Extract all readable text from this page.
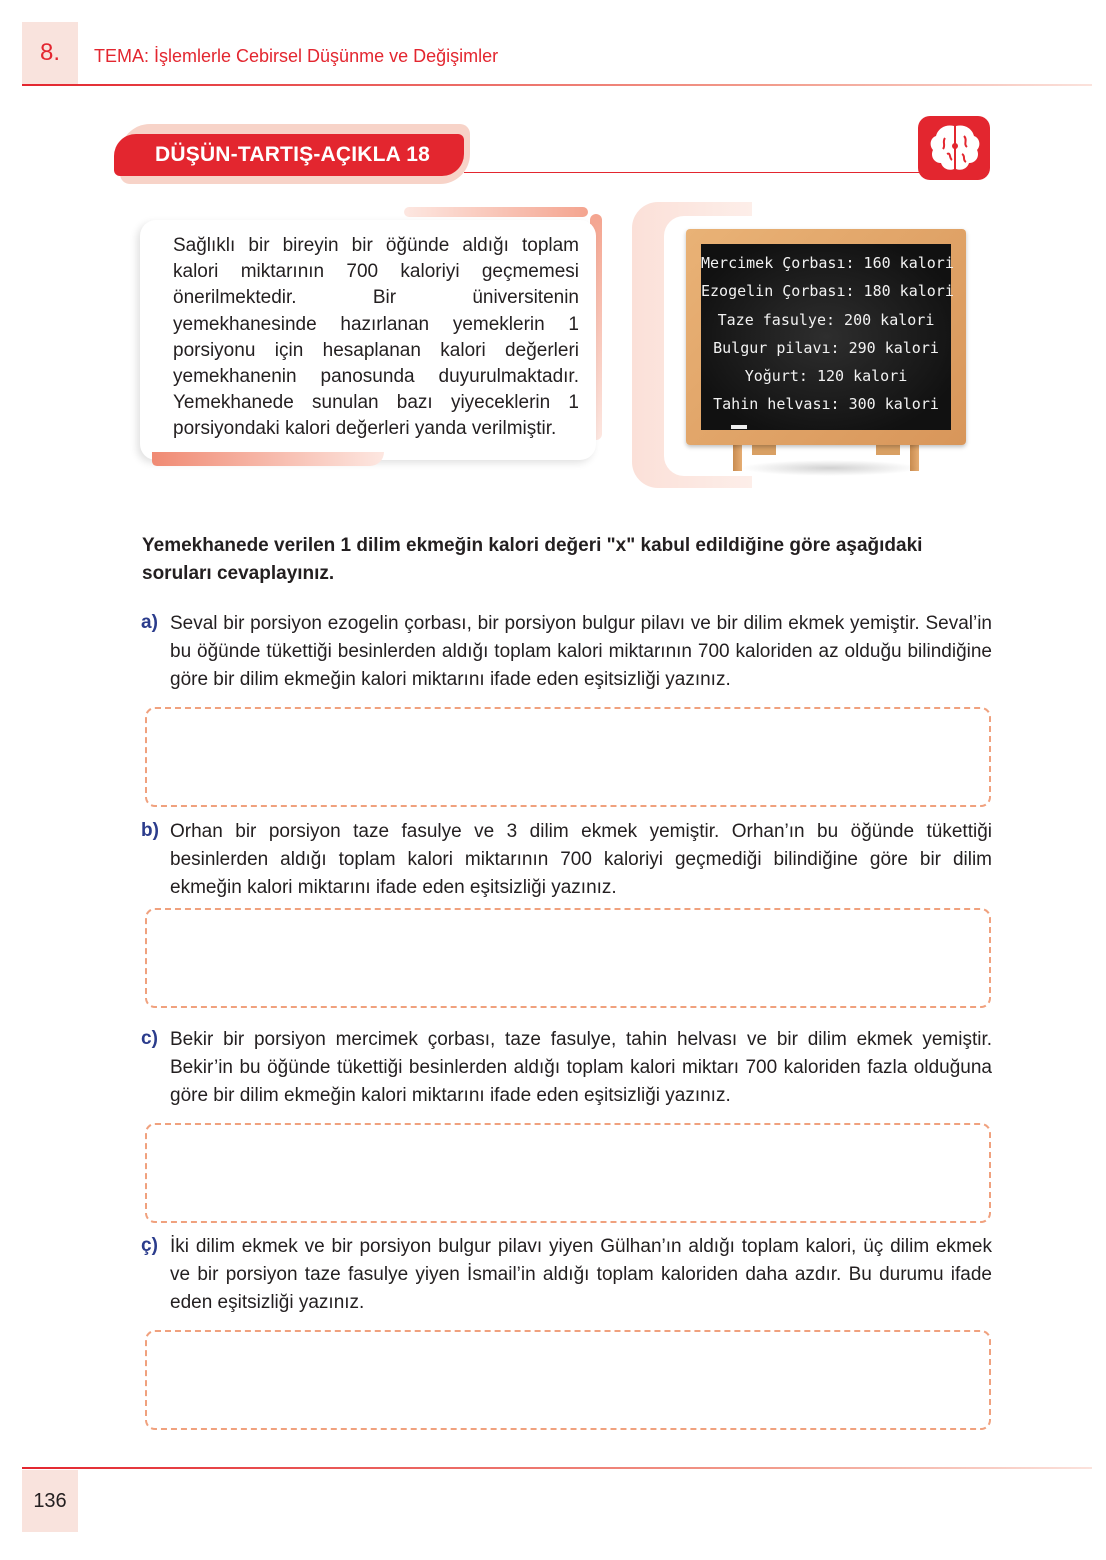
8.	TEMA: İşlemlerle Cebirsel Düşünme ve Değişimler
DÜŞÜN-TARTIŞ-AÇIKLA 18
Sağlıklı bir bireyin bir öğünde aldığı toplam kalori miktarının 700 kaloriyi geçmemesi önerilmektedir. Bir üniversitenin yemekhanesinde hazırlanan yemeklerin 1 porsiyonu için hesaplanan kalori değerleri yemekhanenin panosunda duyurulmaktadır. Yemekhanede sunulan bazı yiyeceklerin 1 porsiyondaki kalori değerleri yanda verilmiştir.
Mercimek Çorbası: 160 kalori
Ezogelin Çorbası: 180 kalori
Taze fasulye: 200 kalori
Bulgur pilavı: 290 kalori
Yoğurt: 120 kalori
Tahin helvası: 300 kalori
Yemekhanede verilen 1 dilim ekmeğin kalori değeri "x" kabul edildiğine göre aşağıdaki soruları cevaplayınız.
a) Seval bir porsiyon ezogelin çorbası, bir porsiyon bulgur pilavı ve bir dilim ekmek yemiştir. Seval’in bu öğünde tükettiği besinlerden aldığı toplam kalori miktarının 700 kaloriden az olduğu bilindiğine göre bir dilim ekmeğin kalori miktarını ifade eden eşitsizliği yazınız.
b) Orhan bir porsiyon taze fasulye ve 3 dilim ekmek yemiştir. Orhan’ın bu öğünde tükettiği besinlerden aldığı toplam kalori miktarının 700 kaloriyi geçmediği bilindiğine göre bir dilim ekmeğin kalori miktarını ifade eden eşitsizliği yazınız.
c) Bekir bir porsiyon mercimek çorbası, taze fasulye, tahin helvası ve bir dilim ekmek yemiştir. Bekir’in bu öğünde tükettiği besinlerden aldığı toplam kalori miktarı 700 kaloriden fazla olduğuna göre bir dilim ekmeğin kalori miktarını ifade eden eşitsizliği yazınız.
ç) İki dilim ekmek ve bir porsiyon bulgur pilavı yiyen Gülhan’ın aldığı toplam kalori, üç dilim ekmek ve bir porsiyon taze fasulye yiyen İsmail’in aldığı toplam kaloriden daha azdır. Bu durumu ifade eden eşitsizliği yazınız.
136
